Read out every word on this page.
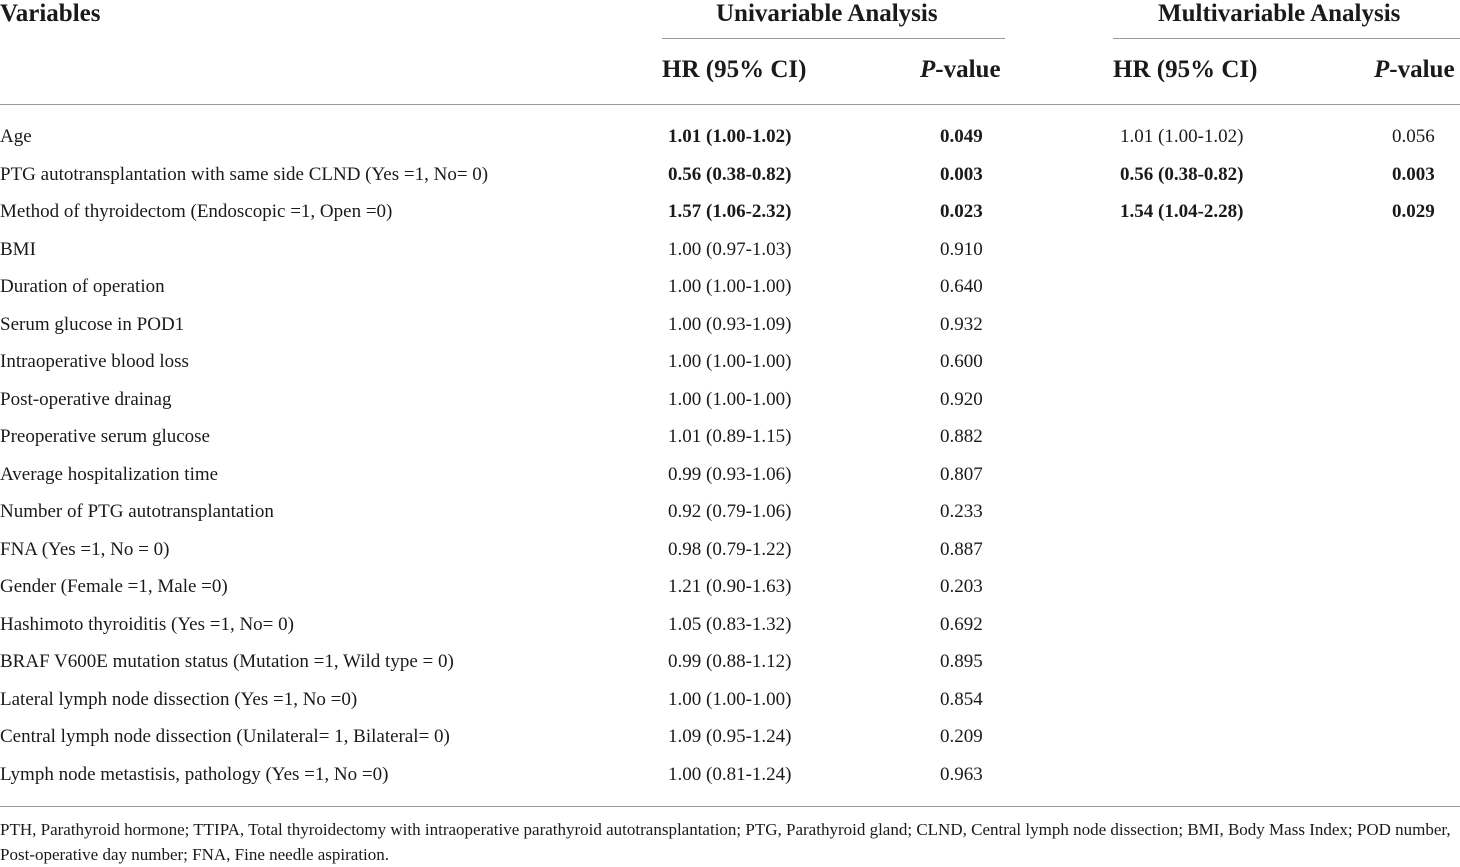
Variables	Univariable Analysis	Multivariable Analysis
HR (95% CI)	P-value	HR (95% CI)	P-value
Age	1.01 (1.00-1.02)	0.049	1.01 (1.00-1.02)	0.056
PTG autotransplantation with same side CLND (Yes =1, No= 0)	0.56 (0.38-0.82)	0.003	0.56 (0.38-0.82)	0.003
Method of thyroidectom (Endoscopic =1, Open =0)	1.57 (1.06-2.32)	0.023	1.54 (1.04-2.28)	0.029
BMI	1.00 (0.97-1.03)	0.910
Duration of operation	1.00 (1.00-1.00)	0.640
Serum glucose in POD1	1.00 (0.93-1.09)	0.932
Intraoperative blood loss	1.00 (1.00-1.00)	0.600
Post-operative drainag	1.00 (1.00-1.00)	0.920
Preoperative serum glucose	1.01 (0.89-1.15)	0.882
Average hospitalization time	0.99 (0.93-1.06)	0.807
Number of PTG autotransplantation	0.92 (0.79-1.06)	0.233
FNA (Yes =1, No = 0)	0.98 (0.79-1.22)	0.887
Gender (Female =1, Male =0)	1.21 (0.90-1.63)	0.203
Hashimoto thyroiditis (Yes =1, No= 0)	1.05 (0.83-1.32)	0.692
BRAF V600E mutation status (Mutation =1, Wild type = 0)	0.99 (0.88-1.12)	0.895
Lateral lymph node dissection (Yes =1, No =0)	1.00 (1.00-1.00)	0.854
Central lymph node dissection (Unilateral= 1, Bilateral= 0)	1.09 (0.95-1.24)	0.209
Lymph node metastisis, pathology (Yes =1, No =0)	1.00 (0.81-1.24)	0.963
PTH, Parathyroid hormone; TTIPA, Total thyroidectomy with intraoperative parathyroid autotransplantation; PTG, Parathyroid gland; CLND, Central lymph node dissection; BMI, Body Mass Index; POD number, Post-operative day number; FNA, Fine needle aspiration.
